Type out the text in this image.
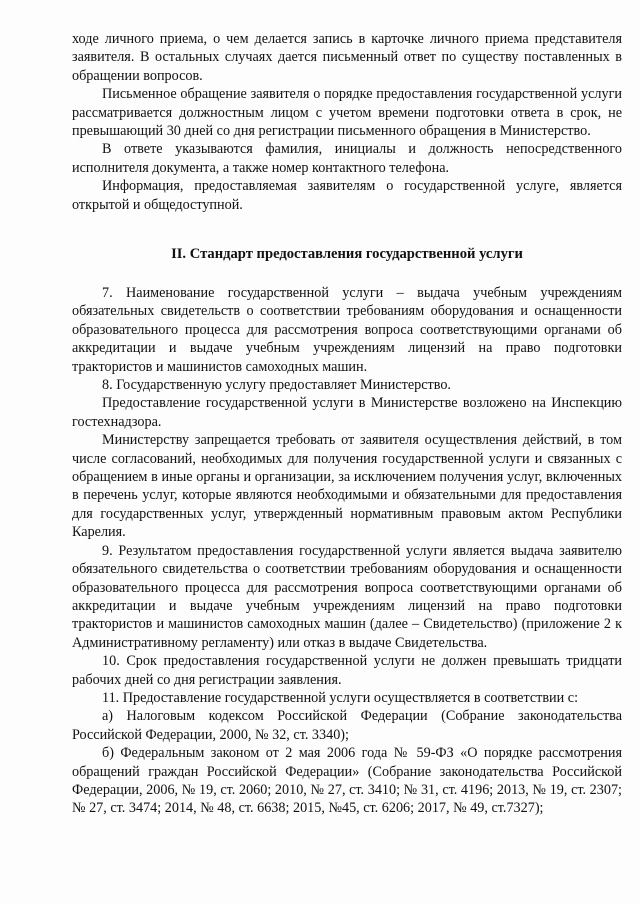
ходе личного приема, о чем делается запись в карточке личного приема представителя заявителя. В остальных случаях дается письменный ответ по существу поставленных в обращении вопросов.

Письменное обращение заявителя о порядке предоставления государственной услуги рассматривается должностным лицом с учетом времени подготовки ответа в срок, не превышающий 30 дней со дня регистрации письменного обращения в Министерство.

В ответе указываются фамилия, инициалы и должность непосредственного исполнителя документа, а также номер контактного телефона.

Информация, предоставляемая заявителям о государственной услуге, является открытой и общедоступной.

II. Стандарт предоставления государственной услуги

7. Наименование государственной услуги – выдача учебным учреждениям обязательных свидетельств о соответствии требованиям оборудования и оснащенности образовательного процесса для рассмотрения вопроса соответствующими органами об аккредитации и выдаче учебным учреждениям лицензий на право подготовки трактористов и машинистов самоходных машин.

8. Государственную услугу предоставляет Министерство.

Предоставление государственной услуги в Министерстве возложено на Инспекцию гостехнадзора.

Министерству запрещается требовать от заявителя осуществления действий, в том числе согласований, необходимых для получения государственной услуги и связанных с обращением в иные органы и организации, за исключением получения услуг, включенных в перечень услуг, которые являются необходимыми и обязательными для предоставления для государственных услуг, утвержденный нормативным правовым актом Республики Карелия.

9. Результатом предоставления государственной услуги является выдача заявителю обязательного свидетельства о соответствии требованиям оборудования и оснащенности образовательного процесса для рассмотрения вопроса соответствующими органами об аккредитации и выдаче учебным учреждениям лицензий на право подготовки трактористов и машинистов самоходных машин (далее – Свидетельство) (приложение 2 к Административному регламенту) или отказ в выдаче Свидетельства.

10. Срок предоставления государственной услуги не должен превышать тридцати рабочих дней со дня регистрации заявления.

11. Предоставление государственной услуги осуществляется в соответствии с:

а) Налоговым кодексом Российской Федерации (Собрание законодательства Российской Федерации, 2000, № 32, ст. 3340);

б) Федеральным законом от 2 мая 2006 года № 59-ФЗ «О порядке рассмотрения обращений граждан Российской Федерации» (Собрание законодательства Российской Федерации, 2006, № 19, ст. 2060; 2010, № 27, ст. 3410; № 31, ст. 4196; 2013, № 19, ст. 2307; № 27, ст. 3474; 2014, № 48, ст. 6638; 2015, №45, ст. 6206; 2017, № 49, ст.7327);
